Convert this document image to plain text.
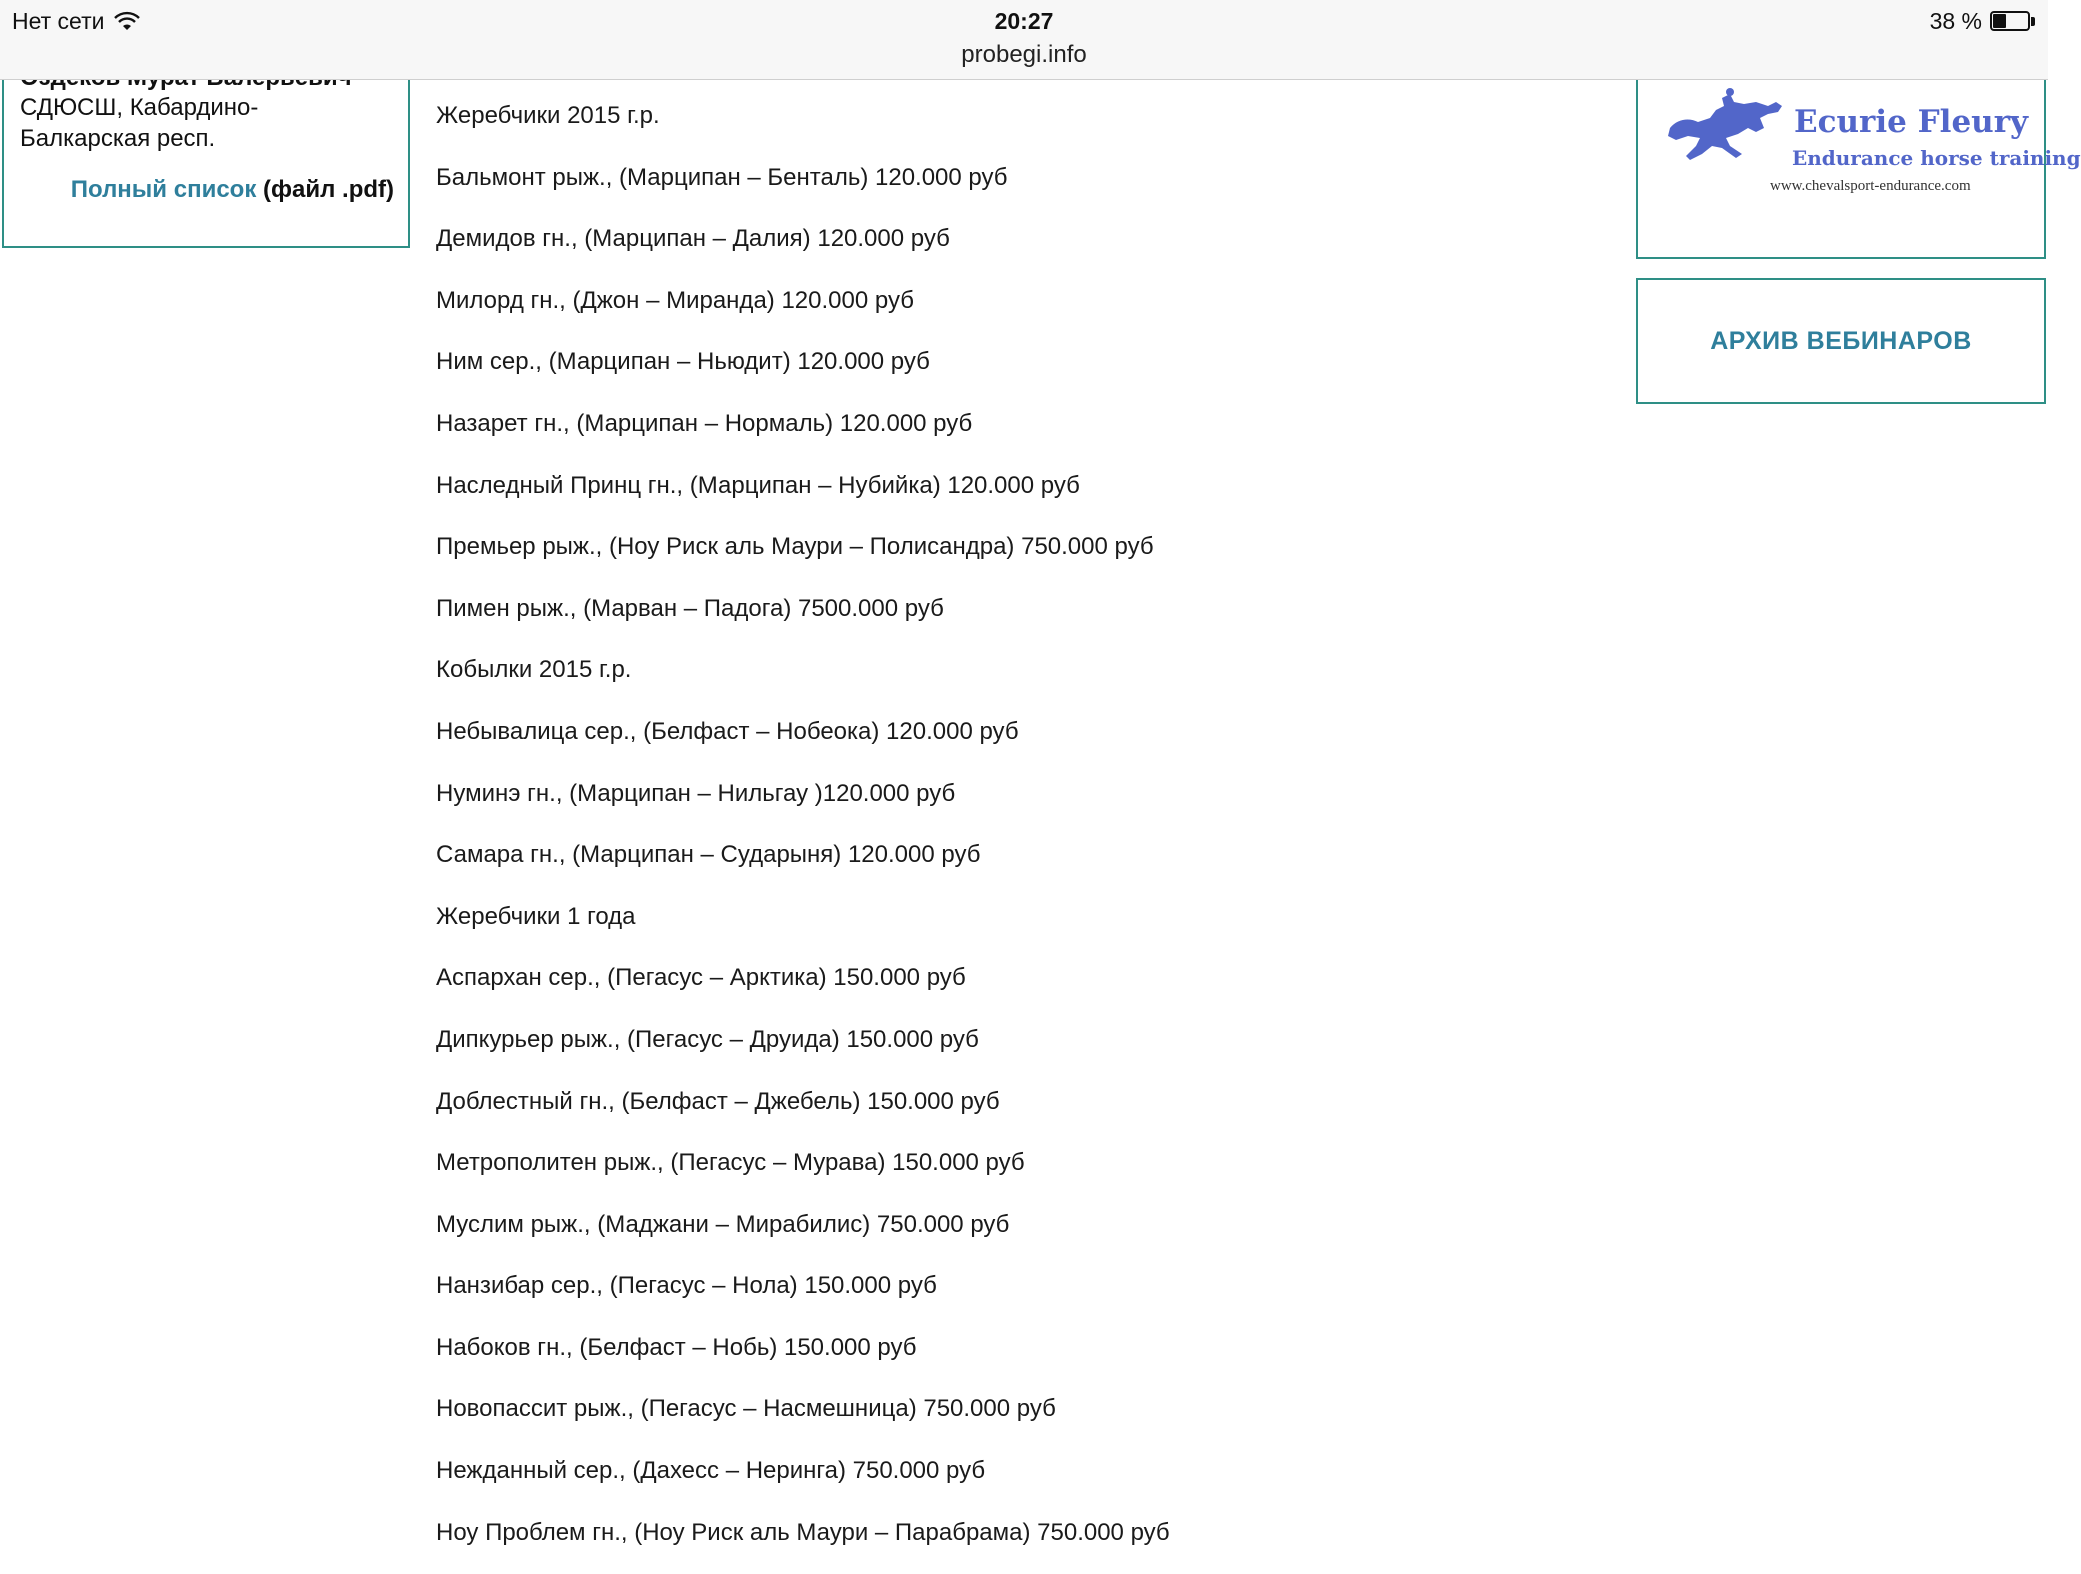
СДЮСШ, Кабардино-Балкарская респ.
Полный список (файл .pdf)
Жеребчики 2015 г.р.
Бальмонт рыж., (Марципан – Бенталь) 120.000 руб
Демидов гн., (Марципан – Далия) 120.000 руб
Милорд гн., (Джон – Миранда) 120.000 руб
Ним сер., (Марципан – Ньюдит) 120.000 руб
Назарет гн., (Марципан – Нормаль) 120.000 руб
Наследный Принц гн., (Марципан – Нубийка) 120.000 руб
Премьер рыж., (Ноу Риск аль Маури – Полисандра) 750.000 руб
Пимен рыж., (Марван – Падога) 7500.000 руб
Кобылки 2015 г.р.
Небывалица сер., (Белфаст – Нобеока) 120.000 руб
Нуминэ гн., (Марципан – Нильгау )120.000 руб
Самара гн., (Марципан – Сударыня) 120.000 руб
Жеребчики 1 года
Аспархан сер., (Пегасус – Арктика) 150.000 руб
Дипкурьер рыж., (Пегасус – Друида) 150.000 руб
Доблестный гн., (Белфаст – Джебель) 150.000 руб
Метрополитен рыж., (Пегасус – Мурава) 150.000 руб
Муслим рыж., (Маджани – Мирабилис) 750.000 руб
Нанзибар сер., (Пегасус – Нола) 150.000 руб
Набоков гн., (Белфаст – Нобь) 150.000 руб
Новопассит рыж., (Пегасус – Насмешница) 750.000 руб
Нежданный сер., (Дахесс – Неринга) 750.000 руб
Ноу Проблем гн., (Ноу Риск аль Маури – Парабрама) 750.000 руб
Ecurie Fleury
Endurance horse training
www.chevalsport-endurance.com
АРХИВ ВЕБИНАРОВ
Нет сети	20:27
probegi.info
38 %
